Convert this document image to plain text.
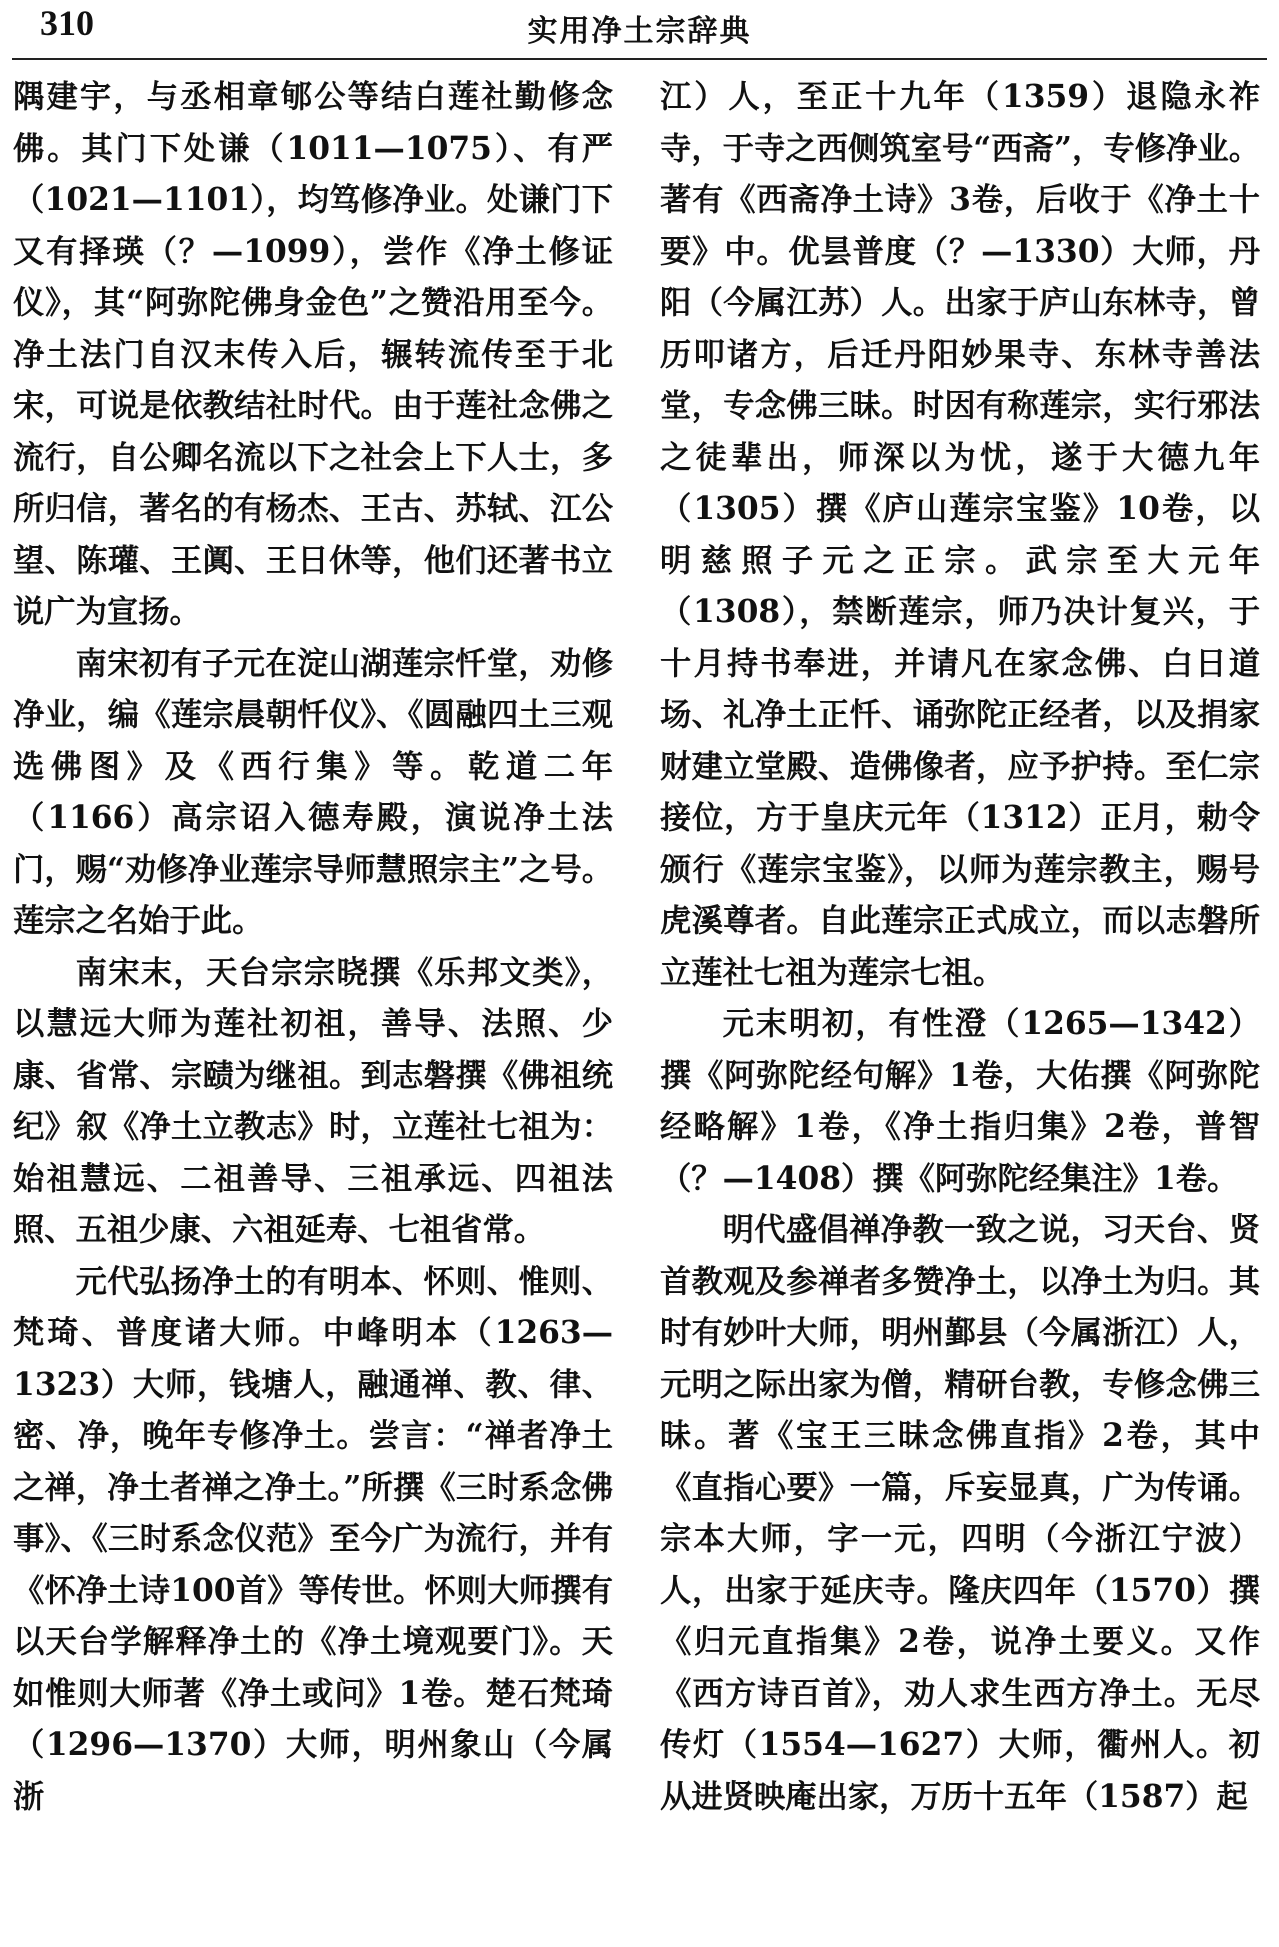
310	实用净土宗辞典

隅建宇，与丞相章郇公等结白莲社勤修念佛。其门下处谦（1011—1075）、有严（1021—1101），均笃修净业。处谦门下又有择瑛（？—1099），尝作《净土修证仪》，其“阿弥陀佛身金色”之赞沿用至今。净土法门自汉末传入后，辗转流传至于北宋，可说是依教结社时代。由于莲社念佛之流行，自公卿名流以下之社会上下人士，多所归信，著名的有杨杰、王古、苏轼、江公望、陈瓘、王阗、王日休等，他们还著书立说广为宣扬。

南宋初有子元在淀山湖莲宗忏堂，劝修净业，编《莲宗晨朝忏仪》、《圆融四土三观选佛图》及《西行集》等。乾道二年（1166）高宗诏入德寿殿，演说净土法门，赐“劝修净业莲宗导师慧照宗主”之号。莲宗之名始于此。

南宋末，天台宗宗晓撰《乐邦文类》，以慧远大师为莲社初祖，善导、法照、少康、省常、宗赜为继祖。到志磐撰《佛祖统纪》叙《净土立教志》时，立莲社七祖为：始祖慧远、二祖善导、三祖承远、四祖法照、五祖少康、六祖延寿、七祖省常。

元代弘扬净土的有明本、怀则、惟则、梵琦、普度诸大师。中峰明本（1263—1323）大师，钱塘人，融通禅、教、律、密、净，晚年专修净土。尝言：“禅者净土之禅，净土者禅之净土。”所撰《三时系念佛事》、《三时系念仪范》至今广为流行，并有《怀净土诗100首》等传世。怀则大师撰有以天台学解释净土的《净土境观要门》。天如惟则大师著《净土或问》1卷。楚石梵琦（1296—1370）大师，明州象山（今属浙

江）人，至正十九年（1359）退隐永祚寺，于寺之西侧筑室号“西斋”，专修净业。著有《西斋净土诗》3卷，后收于《净土十要》中。优昙普度（？—1330）大师，丹阳（今属江苏）人。出家于庐山东林寺，曾历叩诸方，后迁丹阳妙果寺、东林寺善法堂，专念佛三昧。时因有称莲宗，实行邪法之徒辈出，师深以为忧，遂于大德九年（1305）撰《庐山莲宗宝鉴》10卷，以明慈照子元之正宗。武宗至大元年（1308），禁断莲宗，师乃决计复兴，于十月持书奉进，并请凡在家念佛、白日道场、礼净土正忏、诵弥陀正经者，以及捐家财建立堂殿、造佛像者，应予护持。至仁宗接位，方于皇庆元年（1312）正月，勅令颁行《莲宗宝鉴》，以师为莲宗教主，赐号虎溪尊者。自此莲宗正式成立，而以志磐所立莲社七祖为莲宗七祖。

元末明初，有性澄（1265—1342）撰《阿弥陀经句解》1卷，大佑撰《阿弥陀经略解》1卷，《净土指归集》2卷，普智（？—1408）撰《阿弥陀经集注》1卷。

明代盛倡禅净教一致之说，习天台、贤首教观及参禅者多赞净土，以净土为归。其时有妙叶大师，明州鄞县（今属浙江）人，元明之际出家为僧，精研台教，专修念佛三昧。著《宝王三昧念佛直指》2卷，其中《直指心要》一篇，斥妄显真，广为传诵。宗本大师，字一元，四明（今浙江宁波）人，出家于延庆寺。隆庆四年（1570）撰《归元直指集》2卷，说净土要义。又作《西方诗百首》，劝人求生西方净土。无尽传灯（1554—1627）大师，衢州人。初从进贤映庵出家，万历十五年（1587）起
